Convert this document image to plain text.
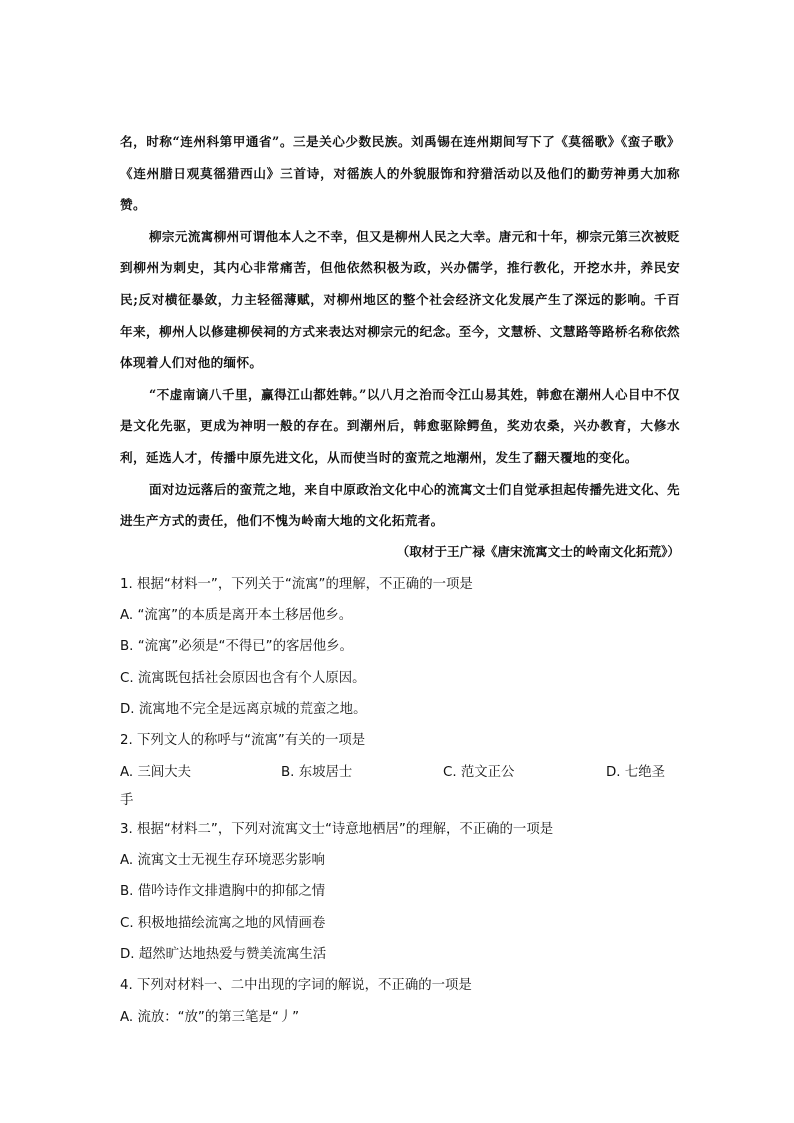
名，时称“连州科第甲通省”。三是关心少数民族。刘禹锡在连州期间写下了《莫徭歌》《蛮子歌》《连州腊日观莫徭猎西山》三首诗，对徭族人的外貌服饰和狩猎活动以及他们的勤劳神勇大加称赞。

柳宗元流寓柳州可谓他本人之不幸，但又是柳州人民之大幸。唐元和十年，柳宗元第三次被贬到柳州为刺史，其内心非常痛苦，但他依然积极为政，兴办儒学，推行教化，开挖水井，养民安民;反对横征暴敛，力主轻徭薄赋，对柳州地区的整个社会经济文化发展产生了深远的影响。千百年来，柳州人以修建柳侯祠的方式来表达对柳宗元的纪念。至今，文慧桥、文慧路等路桥名称依然体现着人们对他的缅怀。

“不虚南谪八千里，赢得江山都姓韩。”以八月之治而令江山易其姓，韩愈在潮州人心目中不仅是文化先驱，更成为神明一般的存在。到潮州后，韩愈驱除鳄鱼，奖劝农桑，兴办教育，大修水利，延选人才，传播中原先进文化，从而使当时的蛮荒之地潮州，发生了翻天覆地的变化。

面对边远落后的蛮荒之地，来自中原政治文化中心的流寓文士们自觉承担起传播先进文化、先进生产方式的责任，他们不愧为岭南大地的文化拓荒者。

（取材于王广禄《唐宋流寓文士的岭南文化拓荒》）
1. 根据“材料一”，下列关于“流寓”的理解，不正确的一项是
A. “流寓”的本质是离开本土移居他乡。
B. “流寓”必须是“不得已”的客居他乡。
C. 流寓既包括社会原因也含有个人原因。
D. 流寓地不完全是远离京城的荒蛮之地。
2. 下列文人的称呼与“流寓”有关的一项是
A. 三闾大夫	B. 东坡居士	C. 范文正公	D. 七绝圣
手
3. 根据“材料二”，下列对流寓文士“诗意地栖居”的理解，不正确的一项是
A. 流寓文士无视生存环境恶劣影响
B. 借吟诗作文排遣胸中的抑郁之情
C. 积极地描绘流寓之地的风情画卷
D. 超然旷达地热爱与赞美流寓生活
4. 下列对材料一、二中出现的字词的解说，不正确的一项是
A. 流放：“放”的第三笔是“丿”
